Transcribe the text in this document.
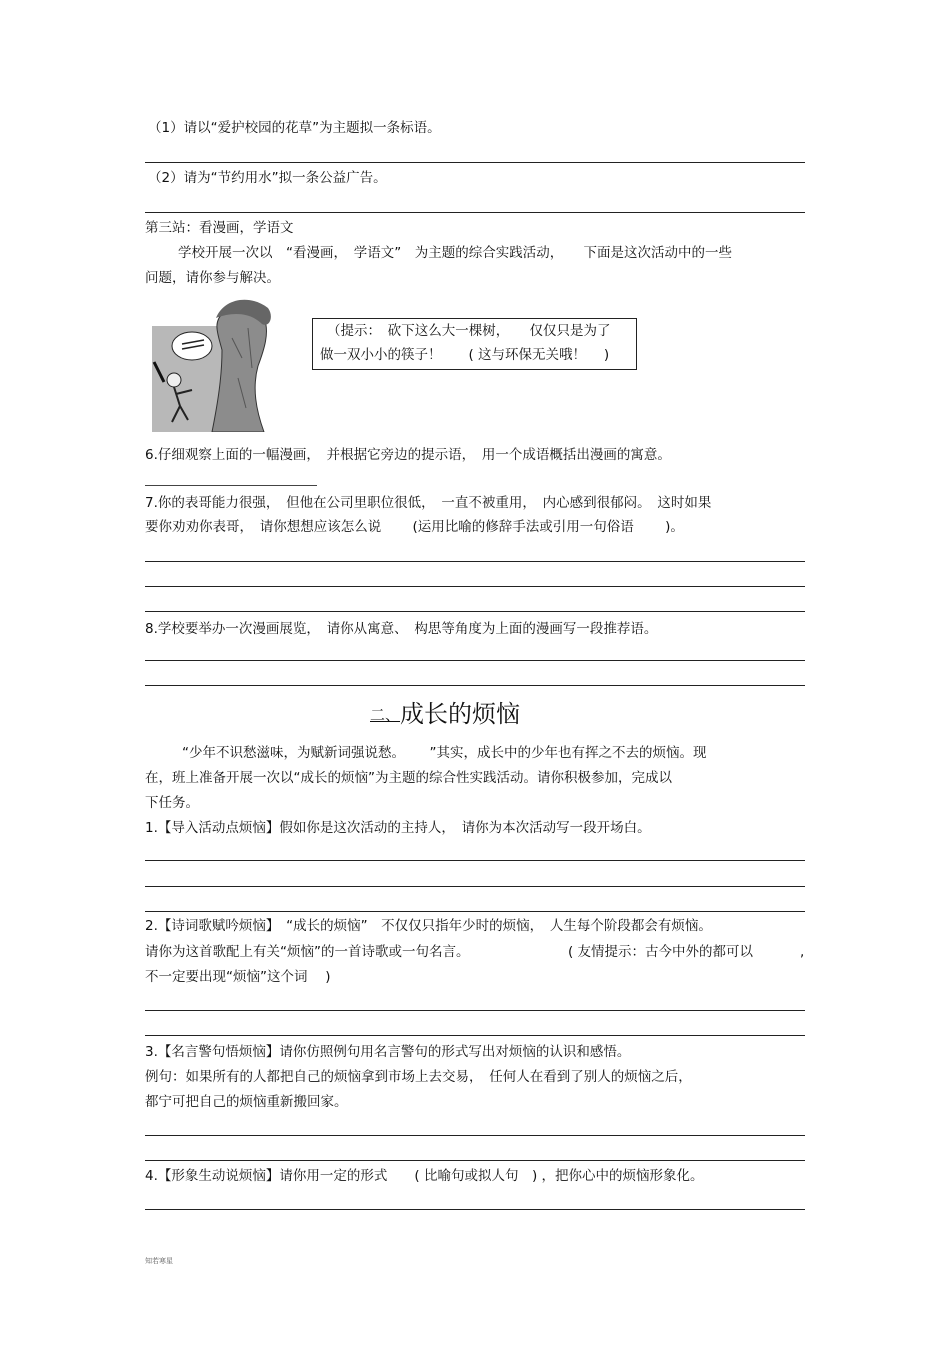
（1）请以“爱护校园的花草”为主题拟一条标语。
（2）请为“节约用水”拟一条公益广告。
第三站：看漫画，学语文
学校开展一次以　“看漫画，　学语文”　为主题的综合实践活动，　　下面是这次活动中的一些
问题，请你参与解决。
（提示：　砍下这么大一棵树，　　仅仅只是为了
做一双小小的筷子！　　( 这与环保无关哦！　 )
6.仔细观察上面的一幅漫画，　并根据它旁边的提示语，　用一个成语概括出漫画的寓意。
7.你的表哥能力很强，　但他在公司里职位很低，　一直不被重用，　内心感到很郁闷。　这时如果
要你劝劝你表哥，　请你想想应该怎么说　　 (运用比喻的修辞手法或引用一句俗语　　 )。
8.学校要举办一次漫画展览，　请你从寓意、　构思等角度为上面的漫画写一段推荐语。
二、成长的烦恼
“少年不识愁滋味，为赋新词强说愁。　　 ”其实，成长中的少年也有挥之不去的烦恼。现
在，班上准备开展一次以“成长的烦恼”为主题的综合性实践活动。请你积极参加，完成以
下任务。
1.【导入活动点烦恼】假如你是这次活动的主持人，　请你为本次活动写一段开场白。
2.【诗词歌赋吟烦恼】　“成长的烦恼”　不仅仅只指年少时的烦恼，　人生每个阶段都会有烦恼。
请你为这首歌配上有关“烦恼”的一首诗歌或一句名言。	( 友情提示：古今中外的都可以	,
不一定要出现“烦恼”这个词　 )
3.【名言警句悟烦恼】请你仿照例句用名言警句的形式写出对烦恼的认识和感悟。
例句：如果所有的人都把自己的烦恼拿到市场上去交易，　任何人在看到了别人的烦恼之后，
都宁可把自己的烦恼重新搬回家。
4.【形象生动说烦恼】请你用一定的形式　　( 比喻句或拟人句　) ，把你心中的烦恼形象化。
知若寒星
